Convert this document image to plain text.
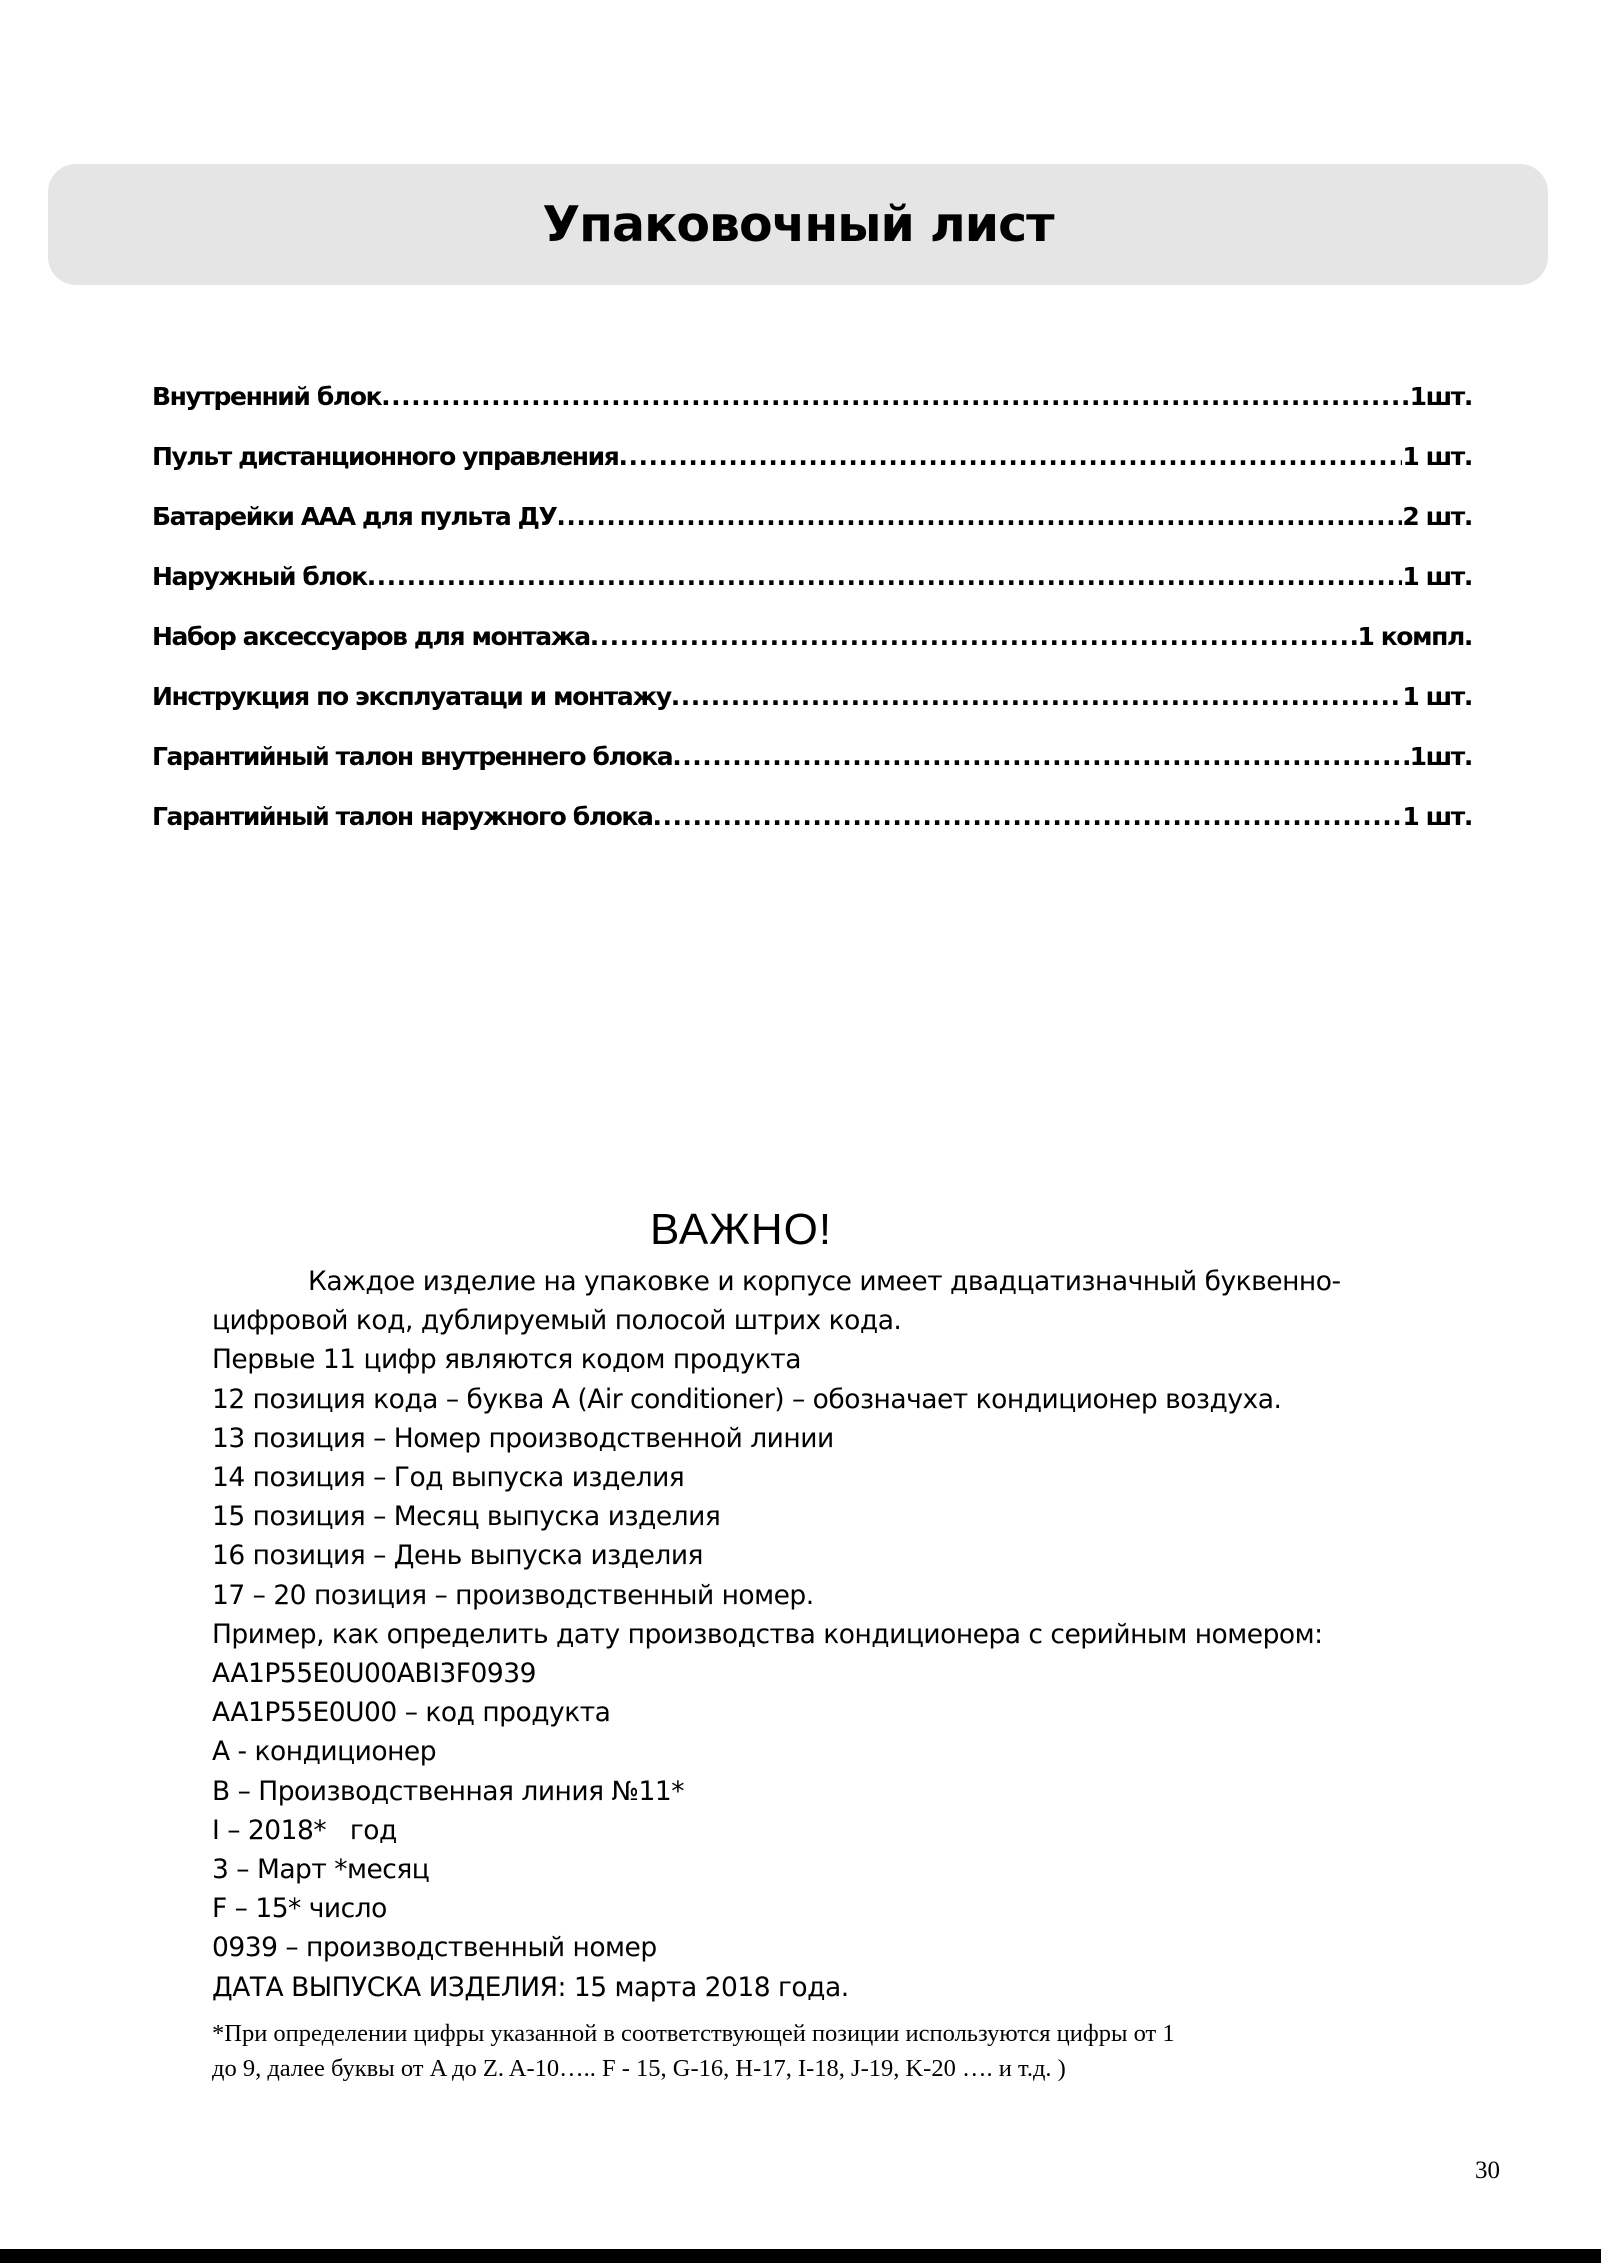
Упаковочный лист
Внутренний блок .....	1шт.
Пульт дистанционного управления .....	1 шт.
Батарейки AAA для пульта ДУ .....	2 шт.
Наружный блок .....	1 шт.
Набор аксессуаров для монтажа .....	1 компл.
Инструкция по эксплуатаци и монтажу .....	1 шт.
Гарантийный талон внутреннего блока .....	1шт.
Гарантийный талон наружного блока .....	1 шт.
ВАЖНО!
Каждое изделие на упаковке и корпусе имеет двадцатизначный буквенно-
цифровой код, дублируемый полосой штрих кода.
Первые 11 цифр являются кодом продукта
12 позиция кода – буква A (Air conditioner) – обозначает кондиционер воздуха.
13 позиция – Номер производственной линии
14 позиция – Год выпуска изделия
15 позиция – Месяц выпуска изделия
16 позиция – День выпуска изделия
17 – 20 позиция – производственный номер.
Пример, как определить дату производства кондиционера с серийным номером:
AA1P55E0U00ABI3F0939
AA1P55E0U00 – код продукта
A - кондиционер
B – Производственная линия №11*
I – 2018*   год
3 – Март *месяц
F – 15* число
0939 – производственный номер
ДАТА ВЫПУСКА ИЗДЕЛИЯ: 15 марта 2018 года.
*При определении цифры указанной в соответствующей позиции используются цифры от 1
до 9, далее буквы от A до Z. A-10….. F - 15, G-16, H-17, I-18, J-19, K-20 …. и т.д. )
30
